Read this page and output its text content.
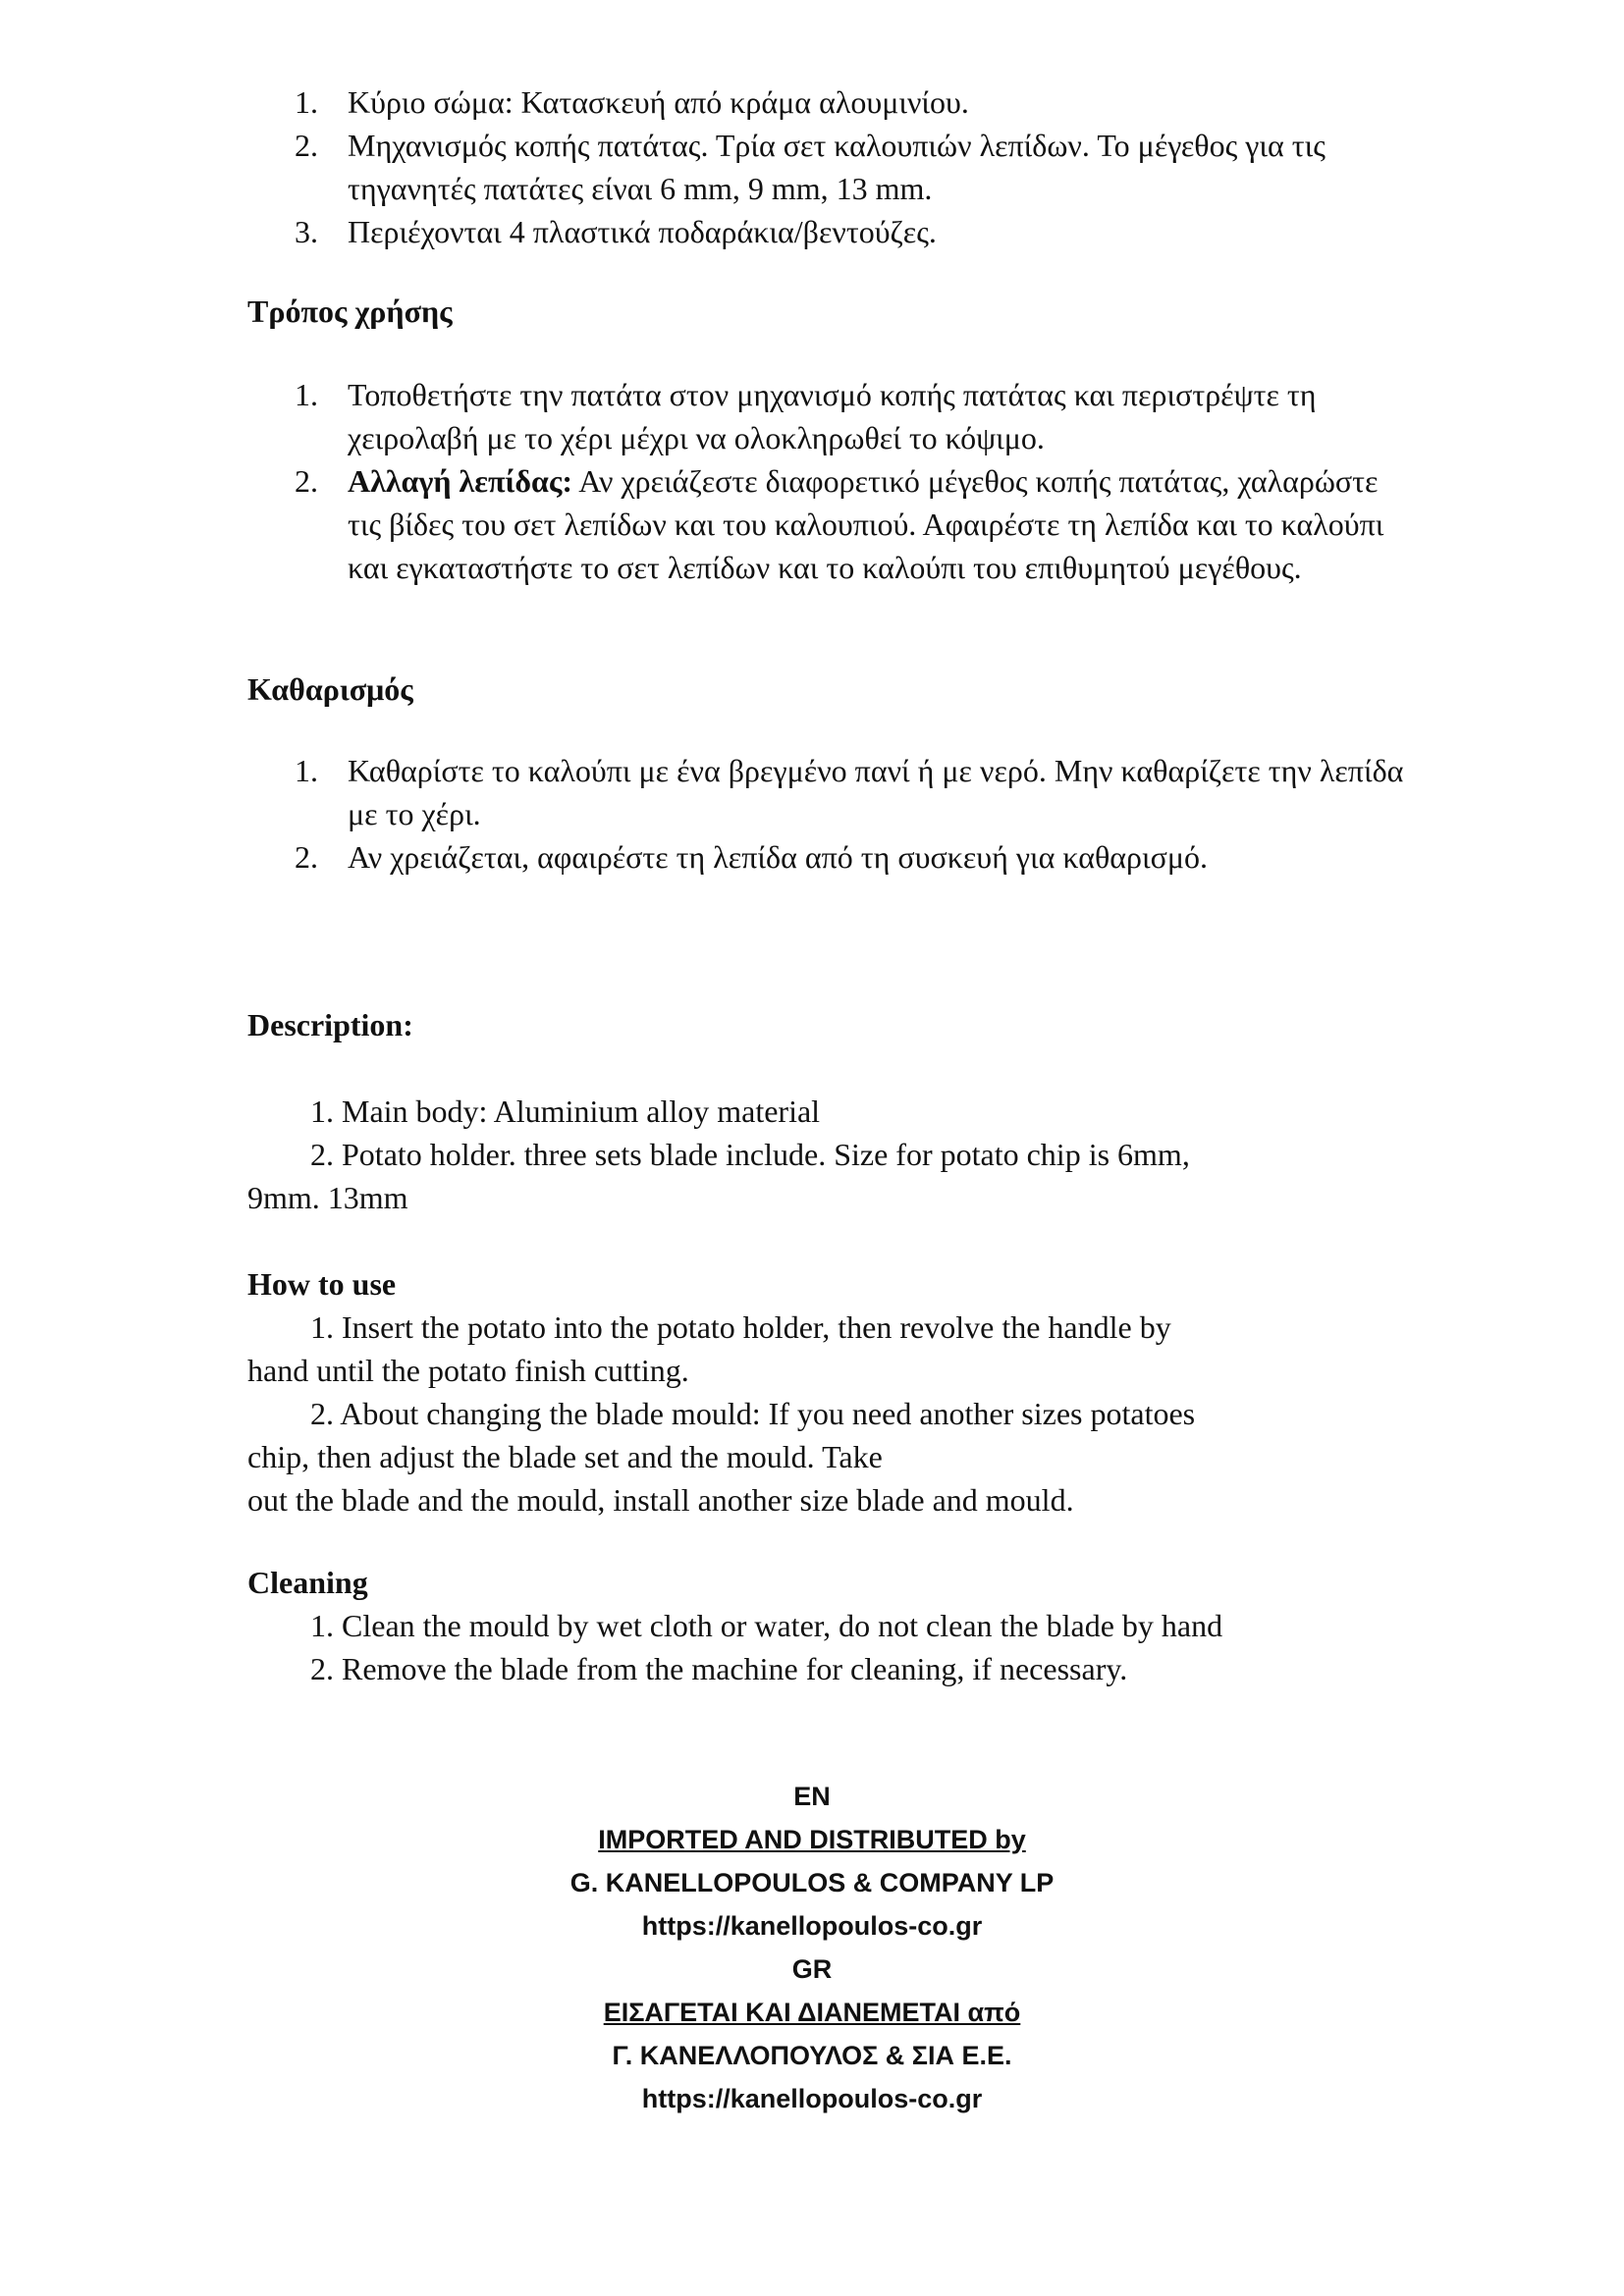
1. Κύριο σώμα: Κατασκευή από κράμα αλουμινίου.
2. Μηχανισμός κοπής πατάτας. Τρία σετ καλουπιών λεπίδων. Το μέγεθος για τις τηγανητές πατάτες είναι 6 mm, 9 mm, 13 mm.
3. Περιέχονται 4 πλαστικά ποδαράκια/βεντούζες.
Τρόπος χρήσης
1. Τοποθετήστε την πατάτα στον μηχανισμό κοπής πατάτας και περιστρέψτε τη χειρολαβή με το χέρι μέχρι να ολοκληρωθεί το κόψιμο.
2. Αλλαγή λεπίδας: Αν χρειάζεστε διαφορετικό μέγεθος κοπής πατάτας, χαλαρώστε τις βίδες του σετ λεπίδων και του καλουπιού. Αφαιρέστε τη λεπίδα και το καλούπι και εγκαταστήστε το σετ λεπίδων και το καλούπι του επιθυμητού μεγέθους.
Καθαρισμός
1. Καθαρίστε το καλούπι με ένα βρεγμένο πανί ή με νερό. Μην καθαρίζετε την λεπίδα με το χέρι.
2. Αν χρειάζεται, αφαιρέστε τη λεπίδα από τη συσκευή για καθαρισμό.
Description:
1. Main body: Aluminium alloy material
2. Potato holder. three sets blade include. Size for potato chip is 6mm,
9mm. 13mm
How to use
1. Insert the potato into the potato holder, then revolve the handle by
hand until the potato finish cutting.
2. About changing the blade mould: If you need another sizes potatoes
chip, then adjust the blade set and the mould. Take
out the blade and the mould, install another size blade and mould.
Cleaning
1. Clean the mould by wet cloth or water, do not clean the blade by hand
2. Remove the blade from the machine for cleaning, if necessary.
EN
IMPORTED AND DISTRIBUTED by
G. KANELLOPOULOS & COMPANY LP
https://kanellopoulos-co.gr
GR
ΕΙΣΑΓΕΤΑΙ ΚΑΙ ΔΙΑΝΕΜΕΤΑΙ από
Γ. ΚΑΝΕΛΛΟΠΟΥΛΟΣ & ΣΙΑ Ε.Ε.
https://kanellopoulos-co.gr
